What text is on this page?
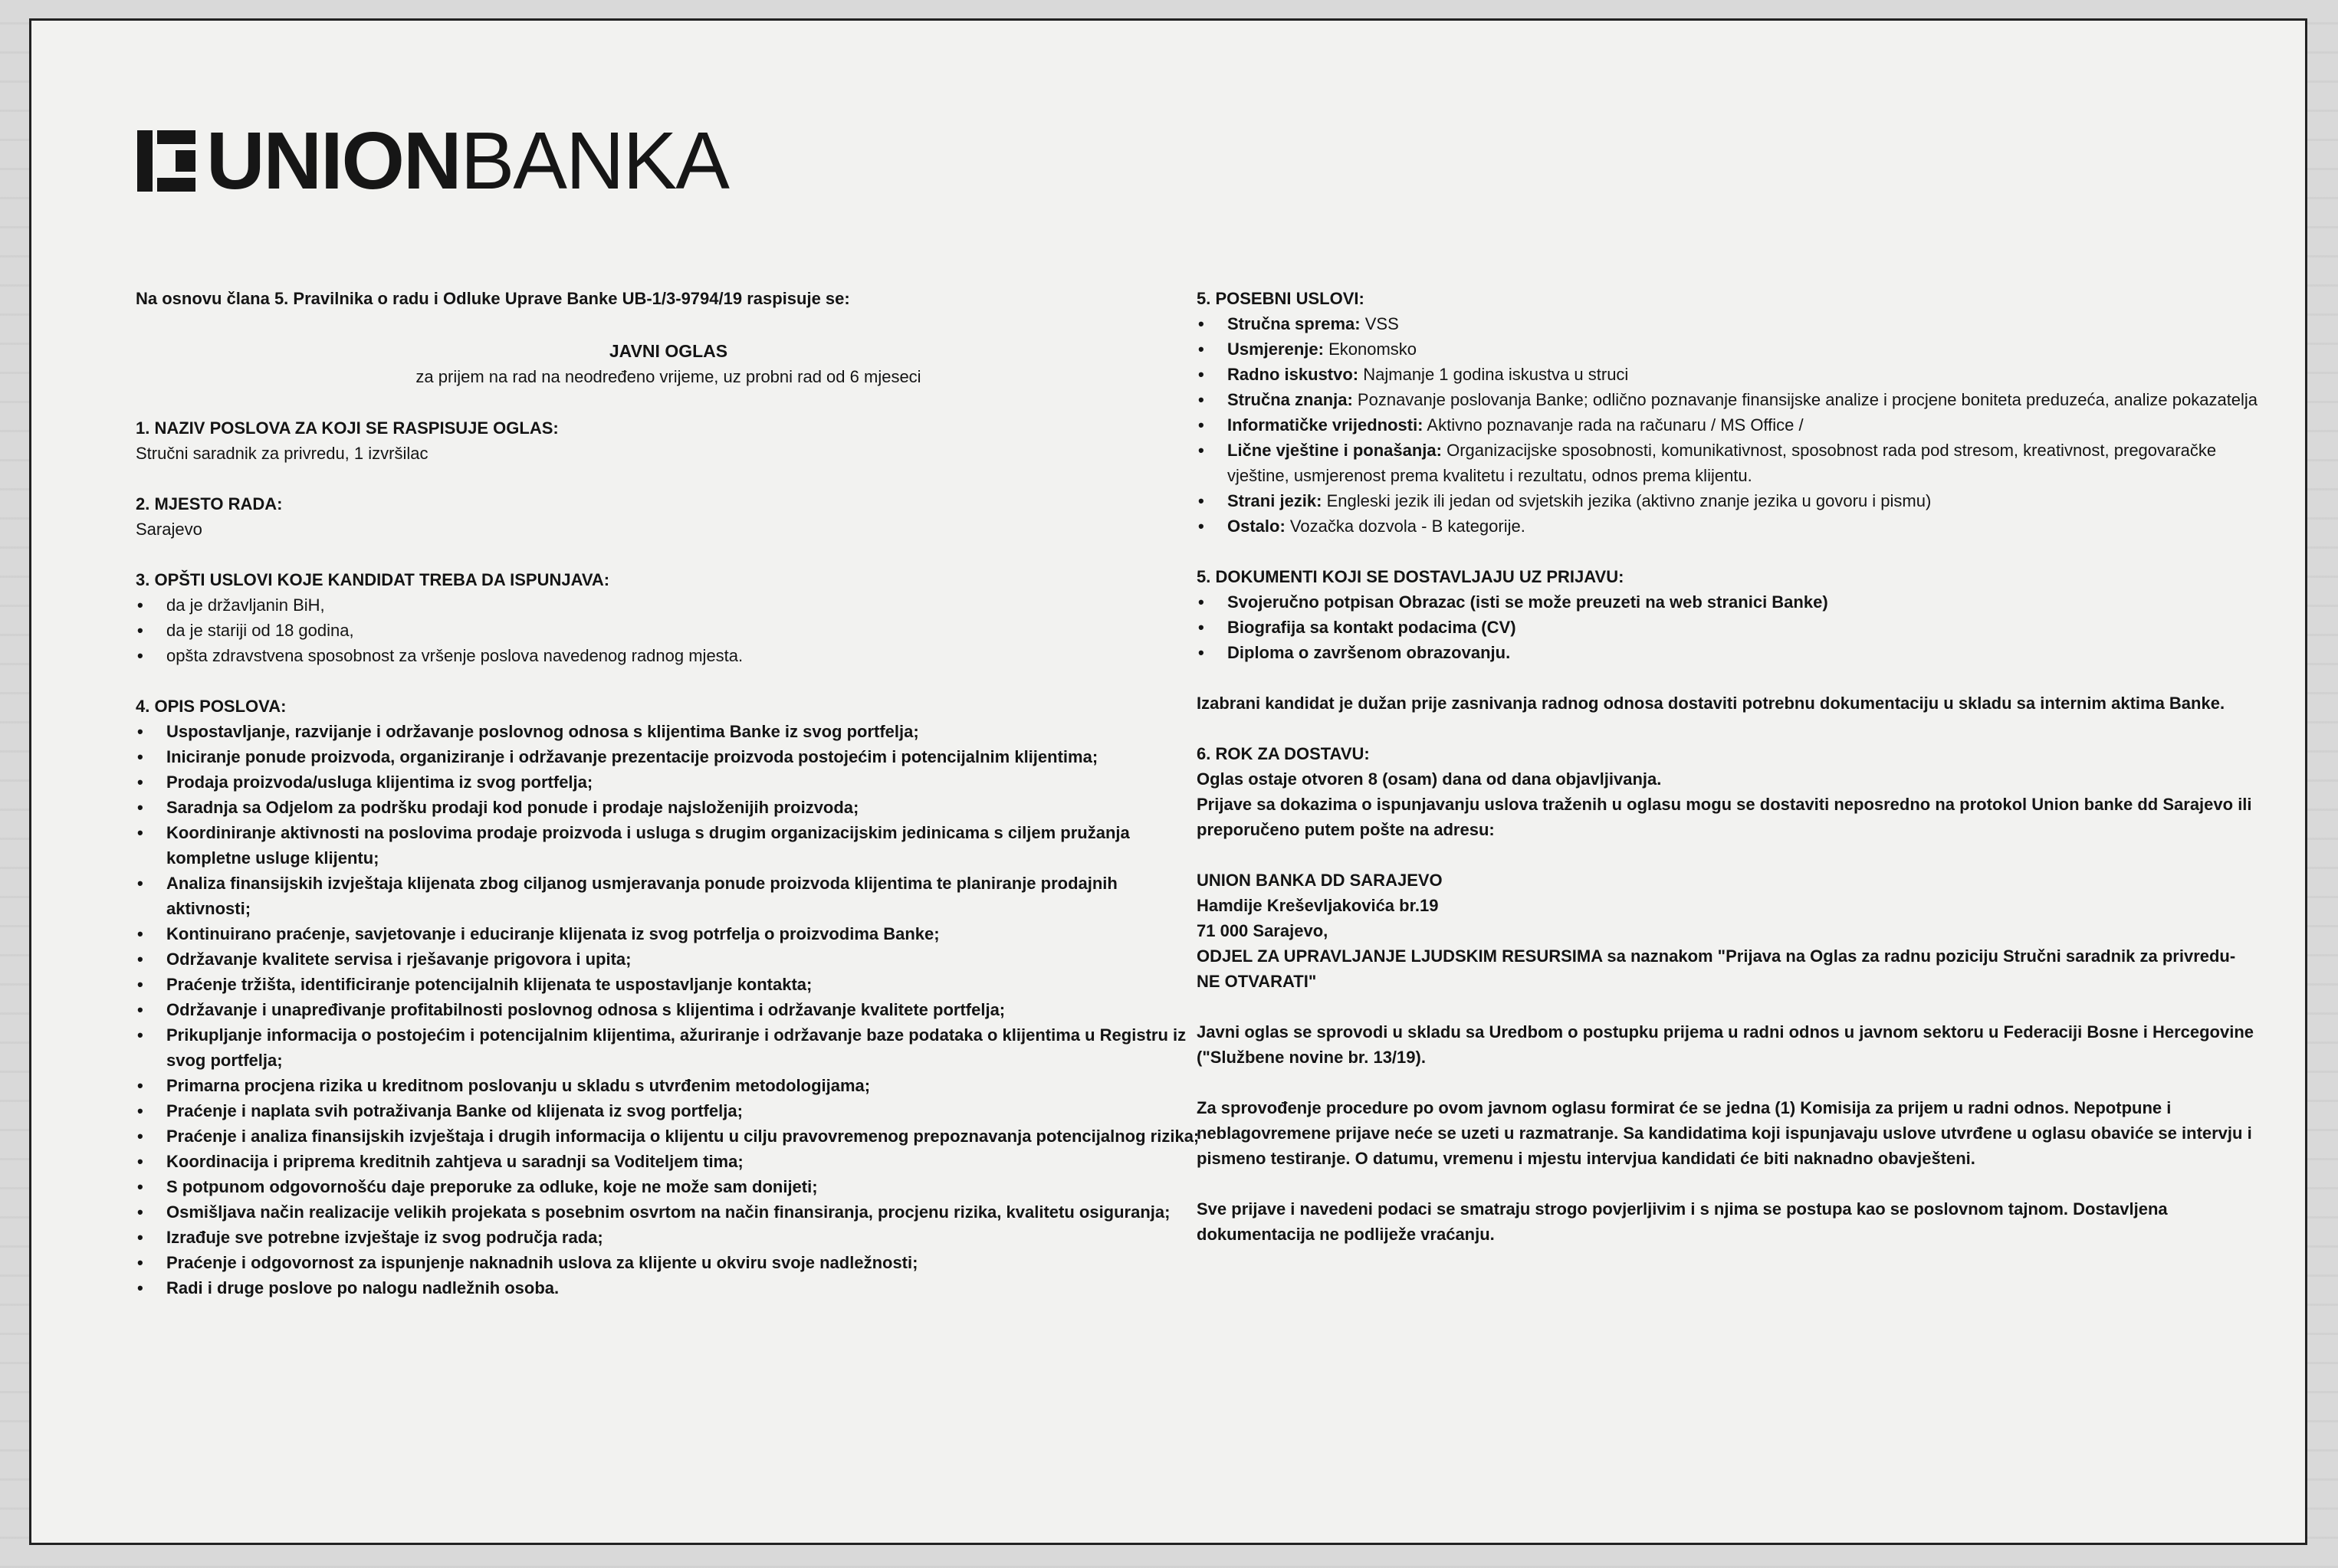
UNIONBANKA

Na osnovu člana 5. Pravilnika o radu i Odluke Uprave Banke UB-1/3-9794/19 raspisuje se:

JAVNI OGLAS

za prijem na rad na neodređeno vrijeme, uz probni rad od 6 mjeseci

1. NAZIV POSLOVA ZA KOJI SE RASPISUJE OGLAS:

Stručni saradnik za privredu, 1 izvršilac

2. MJESTO RADA:

Sarajevo

3. OPŠTI USLOVI KOJE KANDIDAT TREBA DA ISPUNJAVA:

• da je državljanin BiH,
• da je stariji od 18 godina,
• opšta zdravstvena sposobnost za vršenje poslova navedenog radnog mjesta.

4. OPIS POSLOVA:

• Uspostavljanje, razvijanje i održavanje poslovnog odnosa s klijentima Banke iz svog portfelja;
• Iniciranje ponude proizvoda, organiziranje i održavanje prezentacije proizvoda postojećim i potencijalnim klijentima;
• Prodaja proizvoda/usluga klijentima iz svog portfelja;
• Saradnja sa Odjelom za podršku prodaji kod ponude i prodaje najsloženijih proizvoda;
• Koordiniranje aktivnosti na poslovima prodaje proizvoda i usluga s drugim organizacijskim jedinicama s ciljem pružanja kompletne usluge klijentu;
• Analiza finansijskih izvještaja klijenata zbog ciljanog usmjeravanja ponude proizvoda klijentima te planiranje prodajnih aktivnosti;
• Kontinuirano praćenje, savjetovanje i educiranje klijenata iz svog potrfelja o proizvodima Banke;
• Održavanje kvalitete servisa i rješavanje prigovora i upita;
• Praćenje tržišta, identificiranje potencijalnih klijenata te uspostavljanje kontakta;
• Održavanje i unapređivanje profitabilnosti poslovnog odnosa s klijentima i održavanje kvalitete portfelja;
• Prikupljanje informacija o postojećim i potencijalnim klijentima, ažuriranje i održavanje baze podataka o klijentima u Registru iz svog portfelja;
• Primarna procjena rizika u kreditnom poslovanju u skladu s utvrđenim metodologijama;
• Praćenje i naplata svih potraživanja Banke od klijenata iz svog portfelja;
• Praćenje i analiza finansijskih izvještaja i drugih informacija o klijentu u cilju pravovremenog prepoznavanja potencijalnog rizika;
• Koordinacija i priprema kreditnih zahtjeva u saradnji sa Voditeljem tima;
• S potpunom odgovornošću daje preporuke za odluke, koje ne može sam donijeti;
• Osmišljava način realizacije velikih projekata s posebnim osvrtom na način finansiranja, procjenu rizika, kvalitetu osiguranja;
• Izrađuje sve potrebne izvještaje iz svog područja rada;
• Praćenje i odgovornost za ispunjenje naknadnih uslova za klijente u okviru svoje nadležnosti;
• Radi i druge poslove po nalogu nadležnih osoba.

5. POSEBNI USLOVI:

• Stručna sprema: VSS
• Usmjerenje: Ekonomsko
• Radno iskustvo: Najmanje 1 godina iskustva u struci
• Stručna znanja: Poznavanje poslovanja Banke; odlično poznavanje finansijske analize i procjene boniteta preduzeća, analize pokazatelja
• Informatičke vrijednosti: Aktivno poznavanje rada na računaru / MS Office /
• Lične vještine i ponašanja: Organizacijske sposobnosti, komunikativnost, sposobnost rada pod stresom, kreativnost, pregovaračke vještine, usmjerenost prema kvalitetu i rezultatu, odnos prema klijentu.
• Strani jezik: Engleski jezik ili jedan od svjetskih jezika (aktivno znanje jezika u govoru i pismu)
• Ostalo: Vozačka dozvola - B kategorije.

5. DOKUMENTI KOJI SE DOSTAVLJAJU UZ PRIJAVU:

• Svojeručno potpisan Obrazac (isti se može preuzeti na web stranici Banke)
• Biografija sa kontakt podacima (CV)
• Diploma o završenom obrazovanju.

Izabrani kandidat je dužan prije zasnivanja radnog odnosa dostaviti potrebnu dokumentaciju u skladu sa internim aktima Banke.

6. ROK ZA DOSTAVU:

Oglas ostaje otvoren 8 (osam) dana od dana objavljivanja.

Prijave sa dokazima o ispunjavanju uslova traženih u oglasu mogu se dostaviti neposredno na protokol Union banke dd Sarajevo ili preporučeno putem pošte na adresu:

UNION BANKA DD SARAJEVO

Hamdije Kreševljakovića br.19

71 000 Sarajevo,

ODJEL ZA UPRAVLJANJE LJUDSKIM RESURSIMA sa naznakom "Prijava na Oglas za radnu poziciju Stručni saradnik za privredu- NE OTVARATI"

Javni oglas se sprovodi u skladu sa Uredbom o postupku prijema u radni odnos u javnom sektoru u Federaciji Bosne i Hercegovine ("Službene novine br. 13/19).

Za sprovođenje procedure po ovom javnom oglasu formirat će se jedna (1) Komisija za prijem u radni odnos. Nepotpune i neblagovremene prijave neće se uzeti u razmatranje. Sa kandidatima koji ispunjavaju uslove utvrđene u oglasu obaviće se intervju i pismeno testiranje. O datumu, vremenu i mjestu intervjua kandidati će biti naknadno obavješteni.

Sve prijave i navedeni podaci se smatraju strogo povjerljivim i s njima se postupa kao se poslovnom tajnom. Dostavljena dokumentacija ne podliježe vraćanju.
